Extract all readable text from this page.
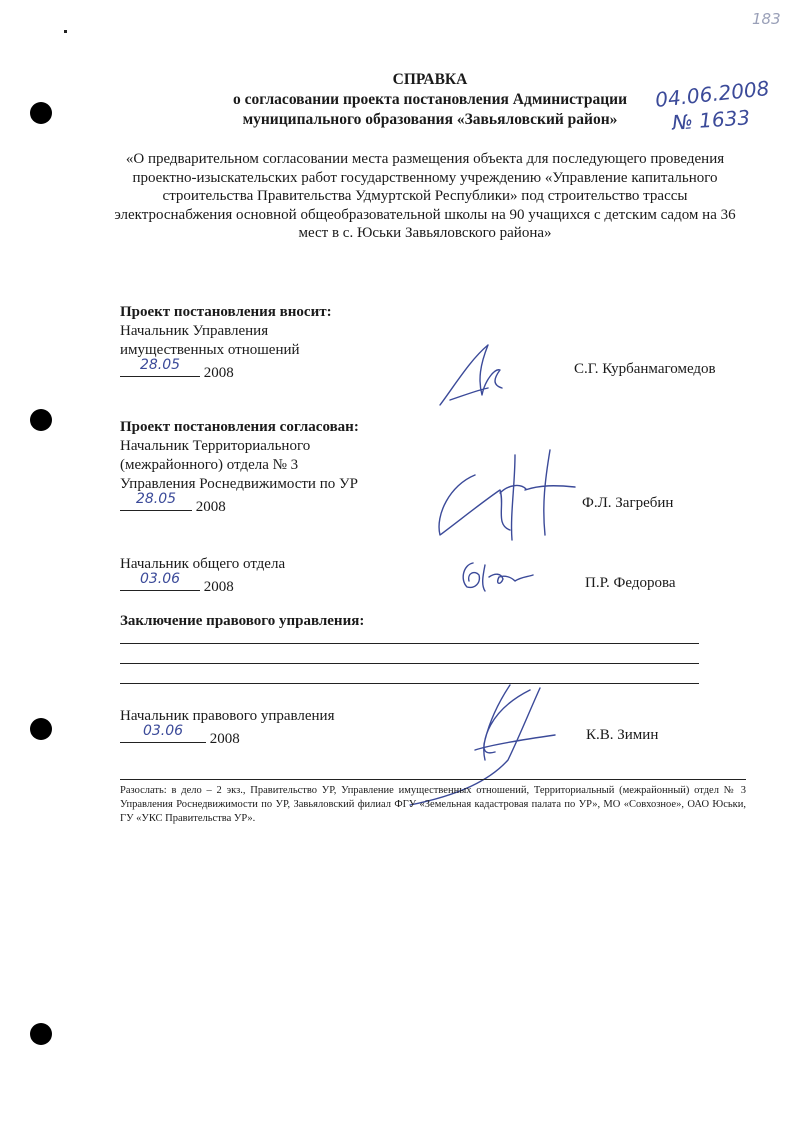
183
04.06.2008
№ 1633
СПРАВКА
о согласовании проекта постановления Администрации
муниципального образования «Завьяловский район»
«О предварительном согласовании места размещения объекта для последующего проведения проектно-изыскательских работ государственному учреждению «Управление капитального строительства Правительства Удмуртской Республики» под строительство трассы электроснабжения основной общеобразовательной школы на 90 учащихся с детским садом на 36 мест в с. Юськи Завьяловского района»
Проект постановления вносит:
Начальник Управления
имущественных отношений
28.05	2008	С.Г. Курбанмагомедов
Проект постановления согласован:
Начальник Территориального
(межрайонного) отдела № 3
Управления Роснедвижимости по УР
28.05	2008	Ф.Л. Загребин
Начальник общего отдела
03.06	2008	П.Р. Федорова
Заключение правового управления:
Начальник правового управления
03.06	2008	К.В. Зимин
Разослать: в дело – 2 экз., Правительство УР, Управление имущественных отношений, Территориальный (межрайонный) отдел № 3 Управления Роснедвижимости по УР, Завьяловский филиал ФГУ «Земельная кадастровая палата по УР», МО «Совхозное», ОАО Юськи, ГУ «УКС Правительства УР».
